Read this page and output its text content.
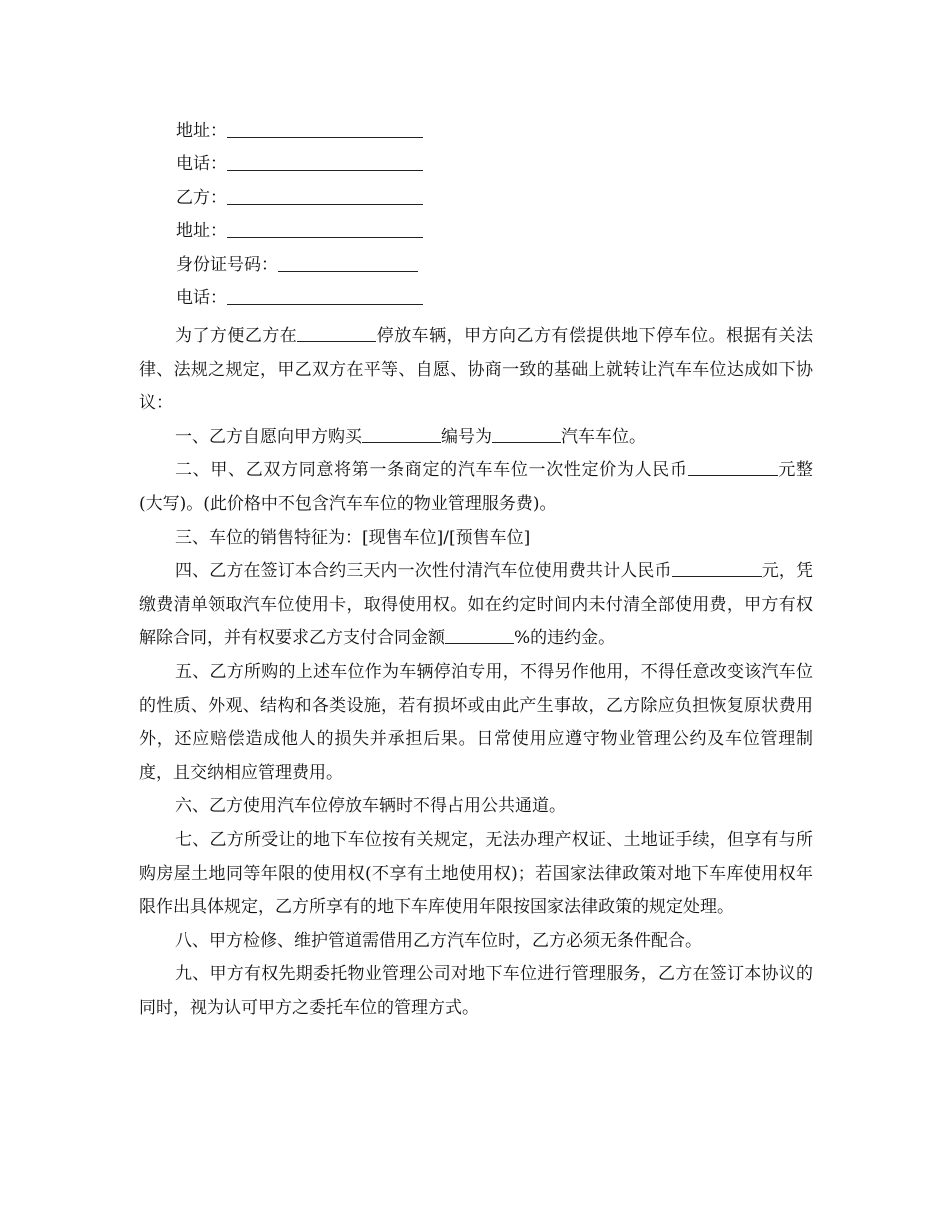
地址：
电话：
乙方：
地址：
身份证号码：
电话：

为了方便乙方在	停放车辆，甲方向乙方有偿提供地下停车位。根据有关法律、法规之规定，甲乙双方在平等、自愿、协商一致的基础上就转让汽车车位达成如下协议：

一、乙方自愿向甲方购买	编号为	汽车车位。

二、甲、乙双方同意将第一条商定的汽车车位一次性定价为人民币	元整(大写)。(此价格中不包含汽车车位的物业管理服务费)。

三、车位的销售特征为：[现售车位]/[预售车位]

四、乙方在签订本合约三天内一次性付清汽车位使用费共计人民币	元，凭缴费清单领取汽车位使用卡，取得使用权。如在约定时间内未付清全部使用费，甲方有权解除合同，并有权要求乙方支付合同金额	%的违约金。

五、乙方所购的上述车位作为车辆停泊专用，不得另作他用，不得任意改变该汽车位的性质、外观、结构和各类设施，若有损坏或由此产生事故，乙方除应负担恢复原状费用外，还应赔偿造成他人的损失并承担后果。日常使用应遵守物业管理公约及车位管理制度，且交纳相应管理费用。

六、乙方使用汽车位停放车辆时不得占用公共通道。

七、乙方所受让的地下车位按有关规定，无法办理产权证、土地证手续，但享有与所购房屋土地同等年限的使用权(不享有土地使用权)；若国家法律政策对地下车库使用权年限作出具体规定，乙方所享有的地下车库使用年限按国家法律政策的规定处理。

八、甲方检修、维护管道需借用乙方汽车位时，乙方必须无条件配合。

九、甲方有权先期委托物业管理公司对地下车位进行管理服务，乙方在签订本协议的同时，视为认可甲方之委托车位的管理方式。
